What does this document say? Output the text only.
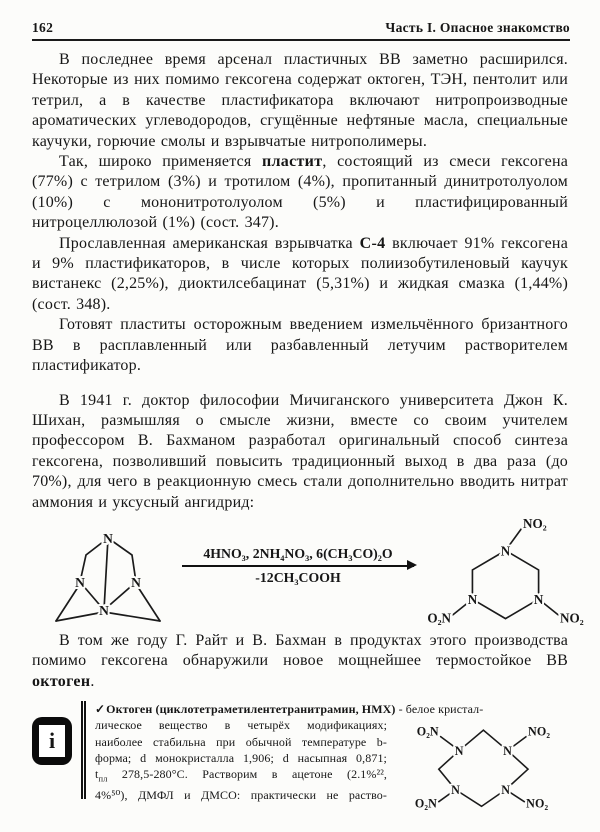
162	Часть I. Опасное знакомство

В последнее время арсенал пластичных ВВ заметно расширился. Некоторые из них помимо гексогена содержат октоген, ТЭН, пентолит или тетрил, а в качестве пластификатора включают нитропроизводные ароматических углеводородов, сгущённые нефтяные масла, специальные каучуки, горючие смолы и взрывчатые нитрополимеры.

Так, широко применяется пластит, состоящий из смеси гексогена (77%) с тетрилом (3%) и тротилом (4%), пропитанный динитротолуолом (10%) с мононитротолуолом (5%) и пластифицированный нитроцеллюлозой (1%) (сост. 347).

Прославленная американская взрывчатка С-4 включает 91% гексогена и 9% пластификаторов, в числе которых полиизобутиленовый каучук вистанекс (2,25%), диоктилсебацинат (5,31%) и жидкая смазка (1,44%) (сост. 348).

Готовят пластиты осторожным введением измельчённого бризантного ВВ в расплавленный или разбавленный летучим растворителем пластификатор.

В 1941 г. доктор философии Мичиганского университета Джон К. Шихан, размышляя о смысле жизни, вместе со своим учителем профессором В. Бахманом разработал оригинальный способ синтеза гексогена, позволивший повысить традиционный выход в два раза (до 70%), для чего в реакционную смесь стали дополнительно вводить нитрат аммония и уксусный ангидрид:

N
N	N
N
4HNO₃, 2NH₄NO₃, 6(CH₃CO)₂O
-12CH₃COOH
N
N	N
NO₂
O₂N	NO₂

В том же году Г. Райт и В. Бахман в продуктах этого производства помимо гексогена обнаружили новое мощнейшее термостойкое ВВ октоген.

i
✓Октоген (циклотетраметилентетранитрамин, НМХ) - белое кристал-
лическое вещество в четырёх модификациях;
наиболее стабильна при обычной температуре b-
форма; d монокристалла 1,906; d насыпная 0,871;
$t_{пл}$ 278,5-280°С. Растворим в ацетоне (2.1%²²,
4%⁵⁰), ДМФЛ и ДМСО: практически не раство-
N	N
N	N
O₂N	NO₂
O₂N	NO₂
